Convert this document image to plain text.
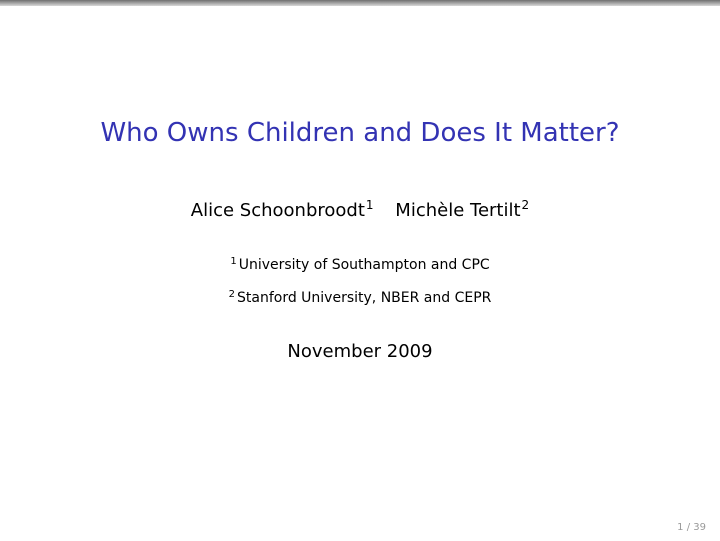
Who Owns Children and Does It Matter?
Alice Schoonbroodt$^1$ Michèle Tertilt$^2$
$^1$ University of Southampton and CPC
$^2$ Stanford University, NBER and CEPR
November 2009
1 / 39
